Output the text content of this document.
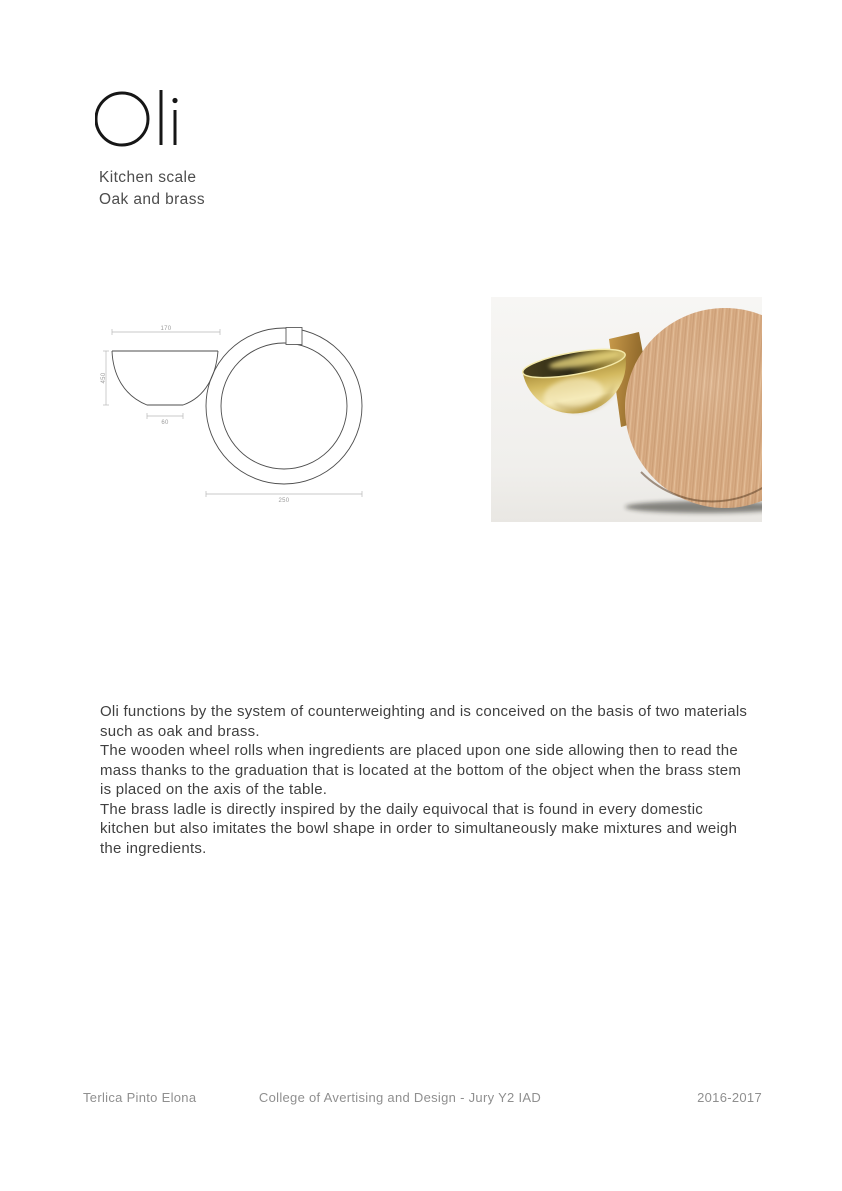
Kitchen scale
Oak and brass
170
450
60
250

Oli functions by the system of counterweighting and is conceived on the basis of two materials such as oak and brass.

The wooden wheel rolls when ingredients are placed upon one side allowing then to read the mass thanks to the graduation that is located at the bottom of the object when the brass stem is placed on the axis of the table.

The brass ladle is directly inspired by the daily equivocal that is found in every domestic kitchen but also imitates the bowl shape in order to simultaneously make mixtures and weigh the ingredients.

Terlica Pinto Elona	College of Avertising and Design - Jury Y2 IAD	2016-2017
